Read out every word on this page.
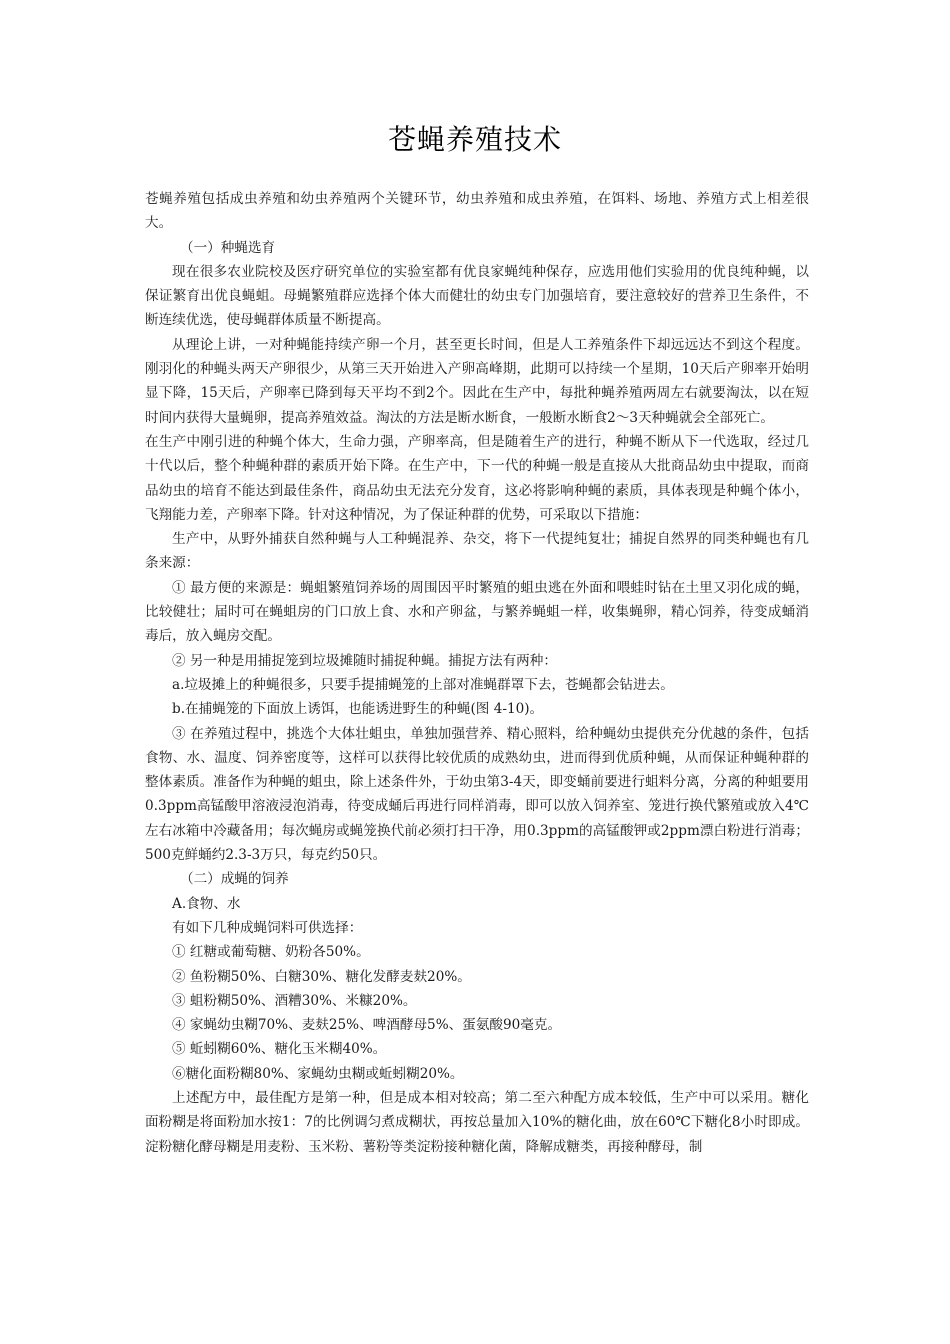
苍蝇养殖技术

苍蝇养殖包括成虫养殖和幼虫养殖两个关键环节，幼虫养殖和成虫养殖，在饵料、场地、养殖方式上相差很大。

（一）种蝇选育

现在很多农业院校及医疗研究单位的实验室都有优良家蝇纯种保存，应选用他们实验用的优良纯种蝇，以保证繁育出优良蝇蛆。母蝇繁殖群应选择个体大而健壮的幼虫专门加强培育，要注意较好的营养卫生条件，不断连续优选，使母蝇群体质量不断提高。

从理论上讲，一对种蝇能持续产卵一个月，甚至更长时间，但是人工养殖条件下却远远达不到这个程度。刚羽化的种蝇头两天产卵很少，从第三天开始进入产卵高峰期，此期可以持续一个星期，10天后产卵率开始明显下降，15天后，产卵率已降到每天平均不到2个。因此在生产中，每批种蝇养殖两周左右就要淘汰，以在短时间内获得大量蝇卵，提高养殖效益。淘汰的方法是断水断食，一般断水断食2～3天种蝇就会全部死亡。

在生产中刚引进的种蝇个体大，生命力强，产卵率高，但是随着生产的进行，种蝇不断从下一代选取，经过几十代以后，整个种蝇种群的素质开始下降。在生产中，下一代的种蝇一般是直接从大批商品幼虫中提取，而商品幼虫的培育不能达到最佳条件，商品幼虫无法充分发育，这必将影响种蝇的素质，具体表现是种蝇个体小，飞翔能力差，产卵率下降。针对这种情况，为了保证种群的优势，可采取以下措施：

生产中，从野外捕获自然种蝇与人工种蝇混养、杂交，将下一代提纯复壮；捕捉自然界的同类种蝇也有几条来源：

① 最方便的来源是：蝇蛆繁殖饲养场的周围因平时繁殖的蛆虫逃在外面和喂蛙时钻在土里又羽化成的蝇，比较健壮；届时可在蝇蛆房的门口放上食、水和产卵盆，与繁养蝇蛆一样，收集蝇卵，精心饲养，待变成蛹消毒后，放入蝇房交配。

② 另一种是用捕捉笼到垃圾摊随时捕捉种蝇。捕捉方法有两种：

a.垃圾摊上的种蝇很多，只要手提捕蝇笼的上部对准蝇群罩下去，苍蝇都会钻进去。

b.在捕蝇笼的下面放上诱饵，也能诱进野生的种蝇(图 4-10)。

③ 在养殖过程中，挑选个大体壮蛆虫，单独加强营养、精心照料，给种蝇幼虫提供充分优越的条件，包括食物、水、温度、饲养密度等，这样可以获得比较优质的成熟幼虫，进而得到优质种蝇，从而保证种蝇种群的整体素质。准备作为种蝇的蛆虫，除上述条件外，于幼虫第3-4天，即变蛹前要进行蛆料分离，分离的种蛆要用0.3ppm高锰酸甲溶液浸泡消毒，待变成蛹后再进行同样消毒，即可以放入饲养室、笼进行换代繁殖或放入4℃左右冰箱中冷藏备用；每次蝇房或蝇笼换代前必须打扫干净，用0.3ppm的高锰酸钾或2ppm漂白粉进行消毒；500克鲜蛹约2.3-3万只，每克约50只。

（二）成蝇的饲养

A.食物、水

有如下几种成蝇饲料可供选择：

① 红糖或葡萄糖、奶粉各50%。

② 鱼粉糊50%、白糖30%、糖化发酵麦麸20%。

③ 蛆粉糊50%、酒糟30%、米糠20%。

④ 家蝇幼虫糊70%、麦麸25%、啤酒酵母5%、蛋氨酸90毫克。

⑤ 蚯蚓糊60%、糖化玉米糊40%。

⑥糖化面粉糊80%、家蝇幼虫糊或蚯蚓糊20%。

上述配方中，最佳配方是第一种，但是成本相对较高；第二至六种配方成本较低，生产中可以采用。糖化面粉糊是将面粉加水按1：7的比例调匀煮成糊状，再按总量加入10%的糖化曲，放在60℃下糖化8小时即成。淀粉糖化酵母糊是用麦粉、玉米粉、薯粉等类淀粉接种糖化菌，降解成糖类，再接种酵母，制
